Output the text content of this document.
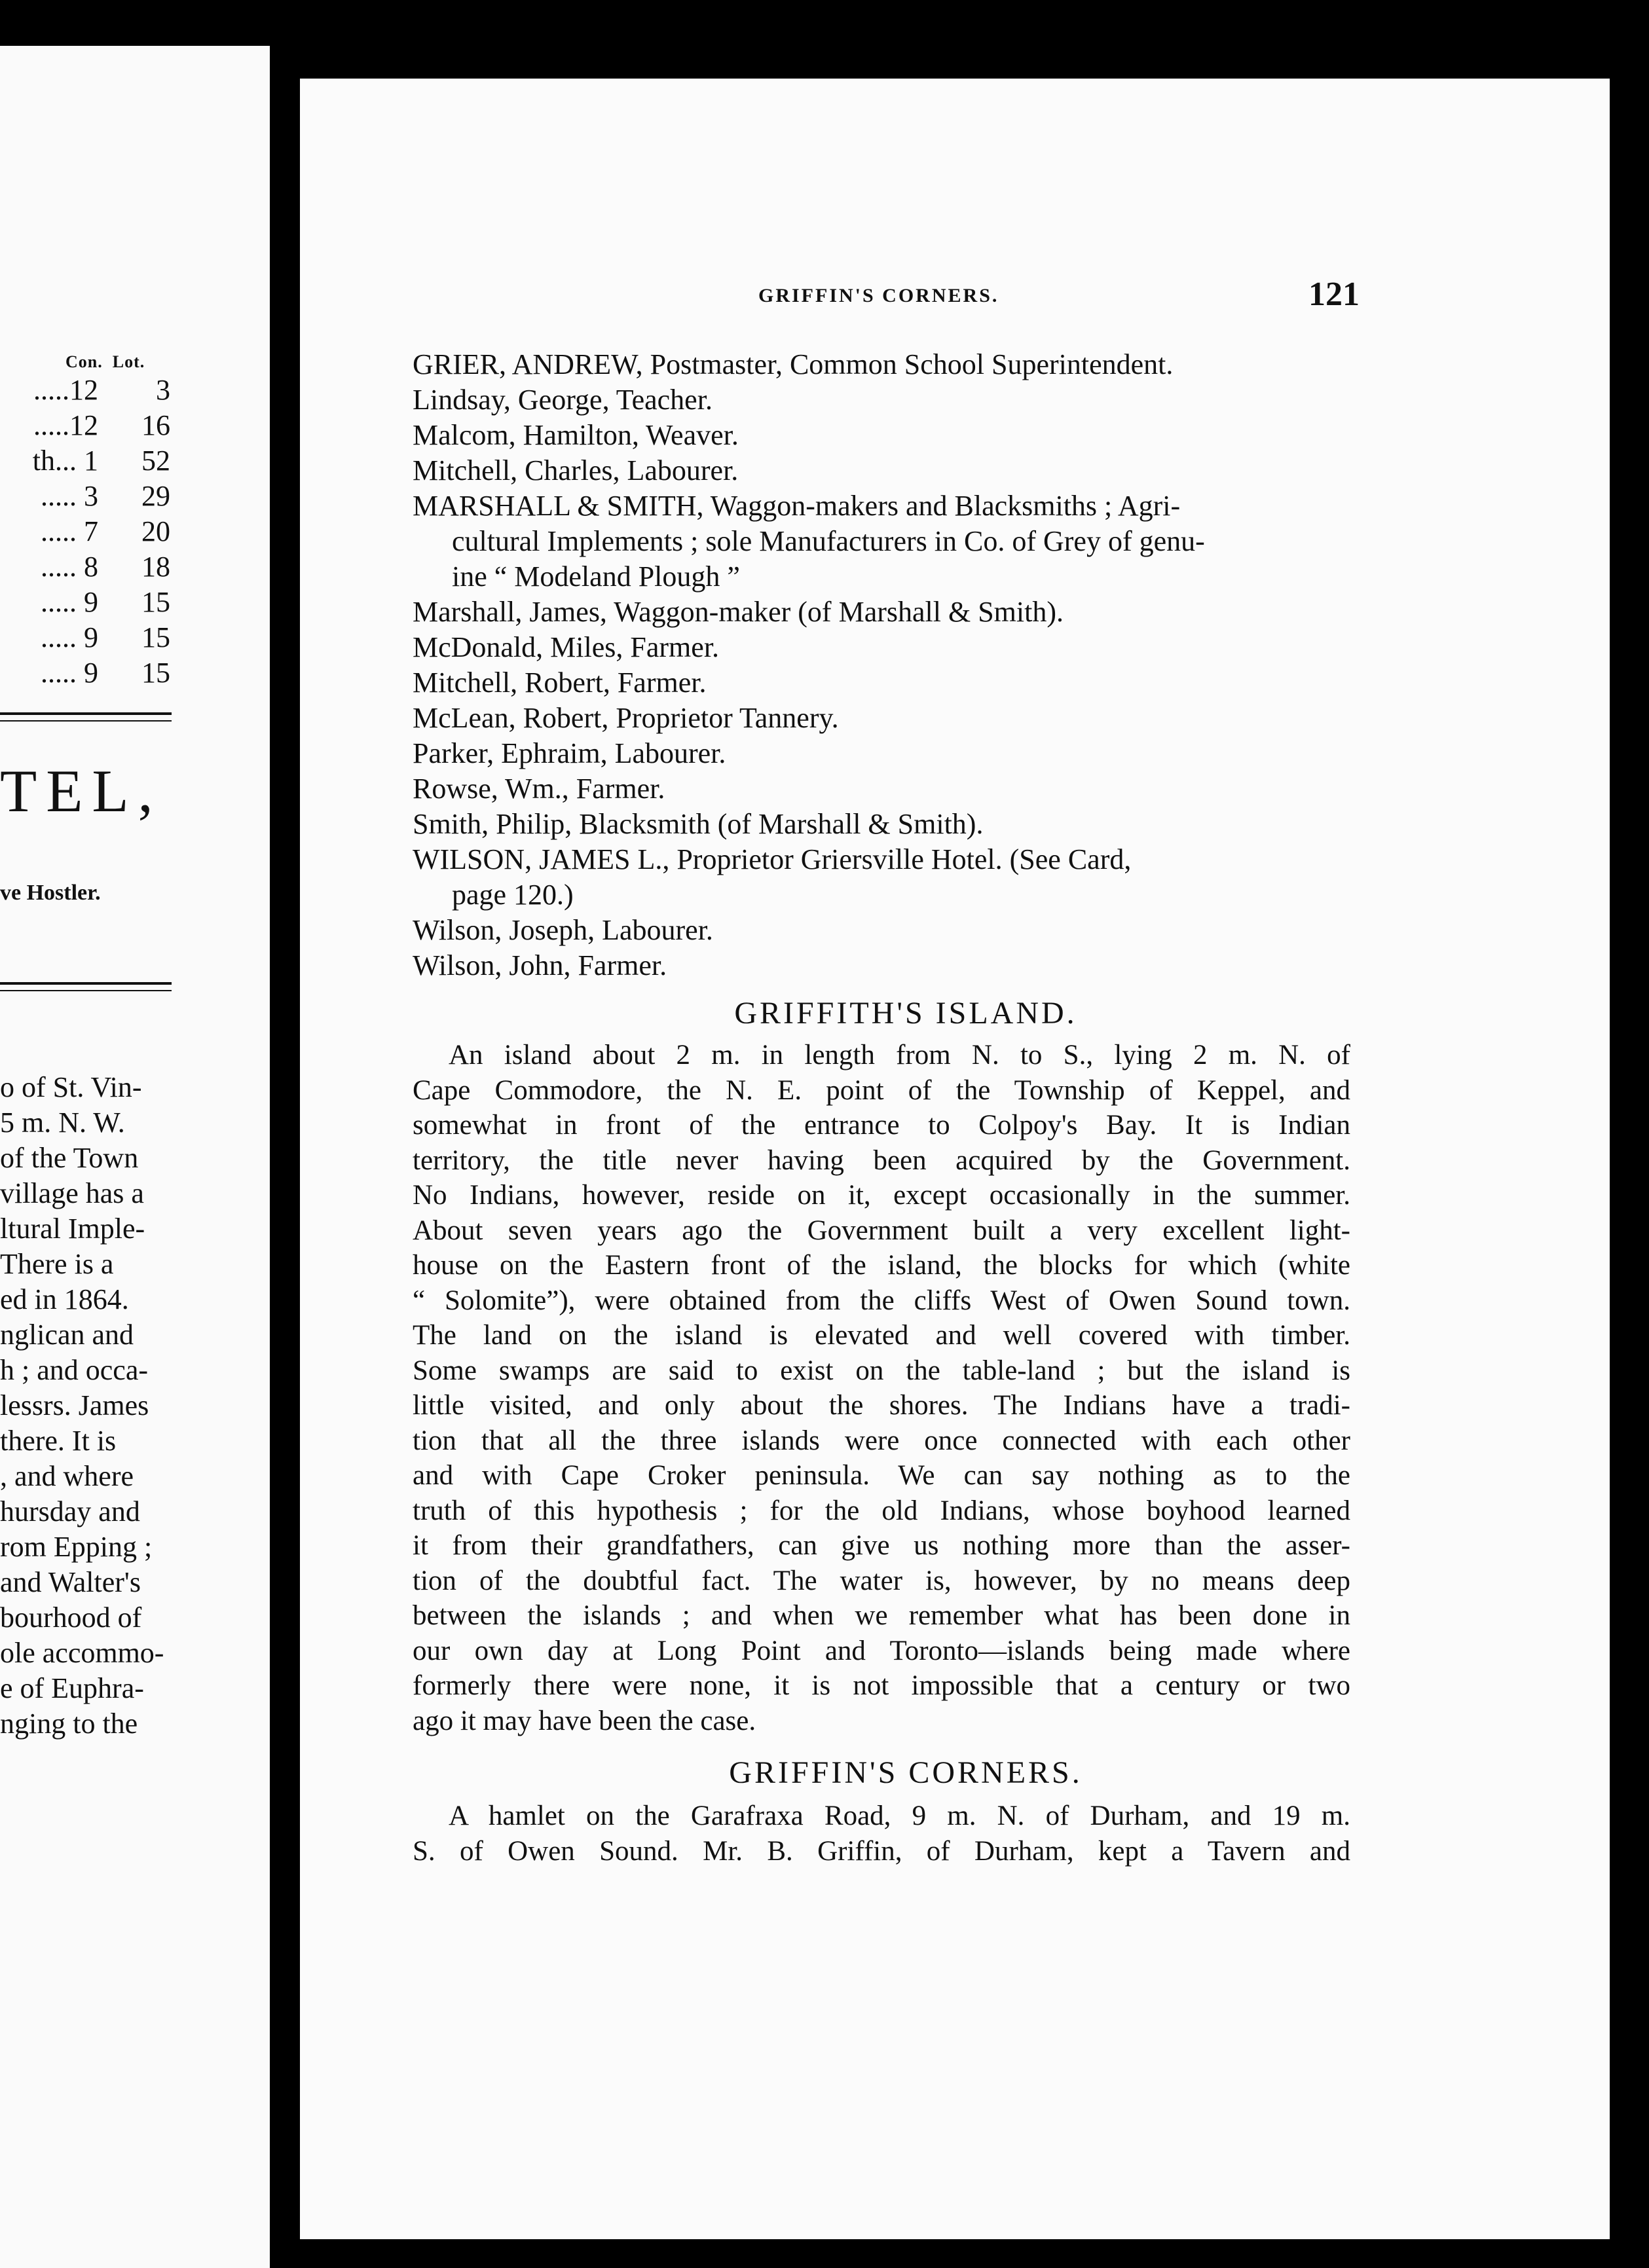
Con. Lot.
.....12 3
.....12 16
th... 1 52
..... 3 29
..... 7 20
..... 8 18
..... 9 15
..... 9 15
..... 9 15
TEL,
ve Hostler.
o of St. Vin-
5 m. N. W.
of the Town
village has a
ltural Imple-
There is a
ed in 1864.
nglican and
h ; and occa-
lessrs. James
there. It is
, and where
hursday and
rom Epping ;
and Walter's
bourhood of
ole accommo-
e of Euphra-
nging to the
GRIFFIN'S CORNERS.	121
GRIER, ANDREW, Postmaster, Common School Superintendent.
Lindsay, George, Teacher.
Malcom, Hamilton, Weaver.
Mitchell, Charles, Labourer.
MARSHALL & SMITH, Waggon-makers and Blacksmiths ; Agri-
cultural Implements ; sole Manufacturers in Co. of Grey of genu-
ine “ Modeland Plough ”
Marshall, James, Waggon-maker (of Marshall & Smith).
McDonald, Miles, Farmer.
Mitchell, Robert, Farmer.
McLean, Robert, Proprietor Tannery.
Parker, Ephraim, Labourer.
Rowse, Wm., Farmer.
Smith, Philip, Blacksmith (of Marshall & Smith).
WILSON, JAMES L., Proprietor Griersville Hotel. (See Card,
page 120.)
Wilson, Joseph, Labourer.
Wilson, John, Farmer.
GRIFFITH'S ISLAND.
An island about 2 m. in length from N. to S., lying 2 m. N. of
Cape Commodore, the N. E. point of the Township of Keppel, and
somewhat in front of the entrance to Colpoy's Bay. It is Indian
territory, the title never having been acquired by the Government.
No Indians, however, reside on it, except occasionally in the summer.
About seven years ago the Government built a very excellent light-
house on the Eastern front of the island, the blocks for which (white
“ Solomite”), were obtained from the cliffs West of Owen Sound town.
The land on the island is elevated and well covered with timber.
Some swamps are said to exist on the table-land ; but the island is
little visited, and only about the shores. The Indians have a tradi-
tion that all the three islands were once connected with each other
and with Cape Croker peninsula. We can say nothing as to the
truth of this hypothesis ; for the old Indians, whose boyhood learned
it from their grandfathers, can give us nothing more than the asser-
tion of the doubtful fact. The water is, however, by no means deep
between the islands ; and when we remember what has been done in
our own day at Long Point and Toronto—islands being made where
formerly there were none, it is not impossible that a century or two
ago it may have been the case.
GRIFFIN'S CORNERS.
A hamlet on the Garafraxa Road, 9 m. N. of Durham, and 19 m.
S. of Owen Sound. Mr. B. Griffin, of Durham, kept a Tavern and
